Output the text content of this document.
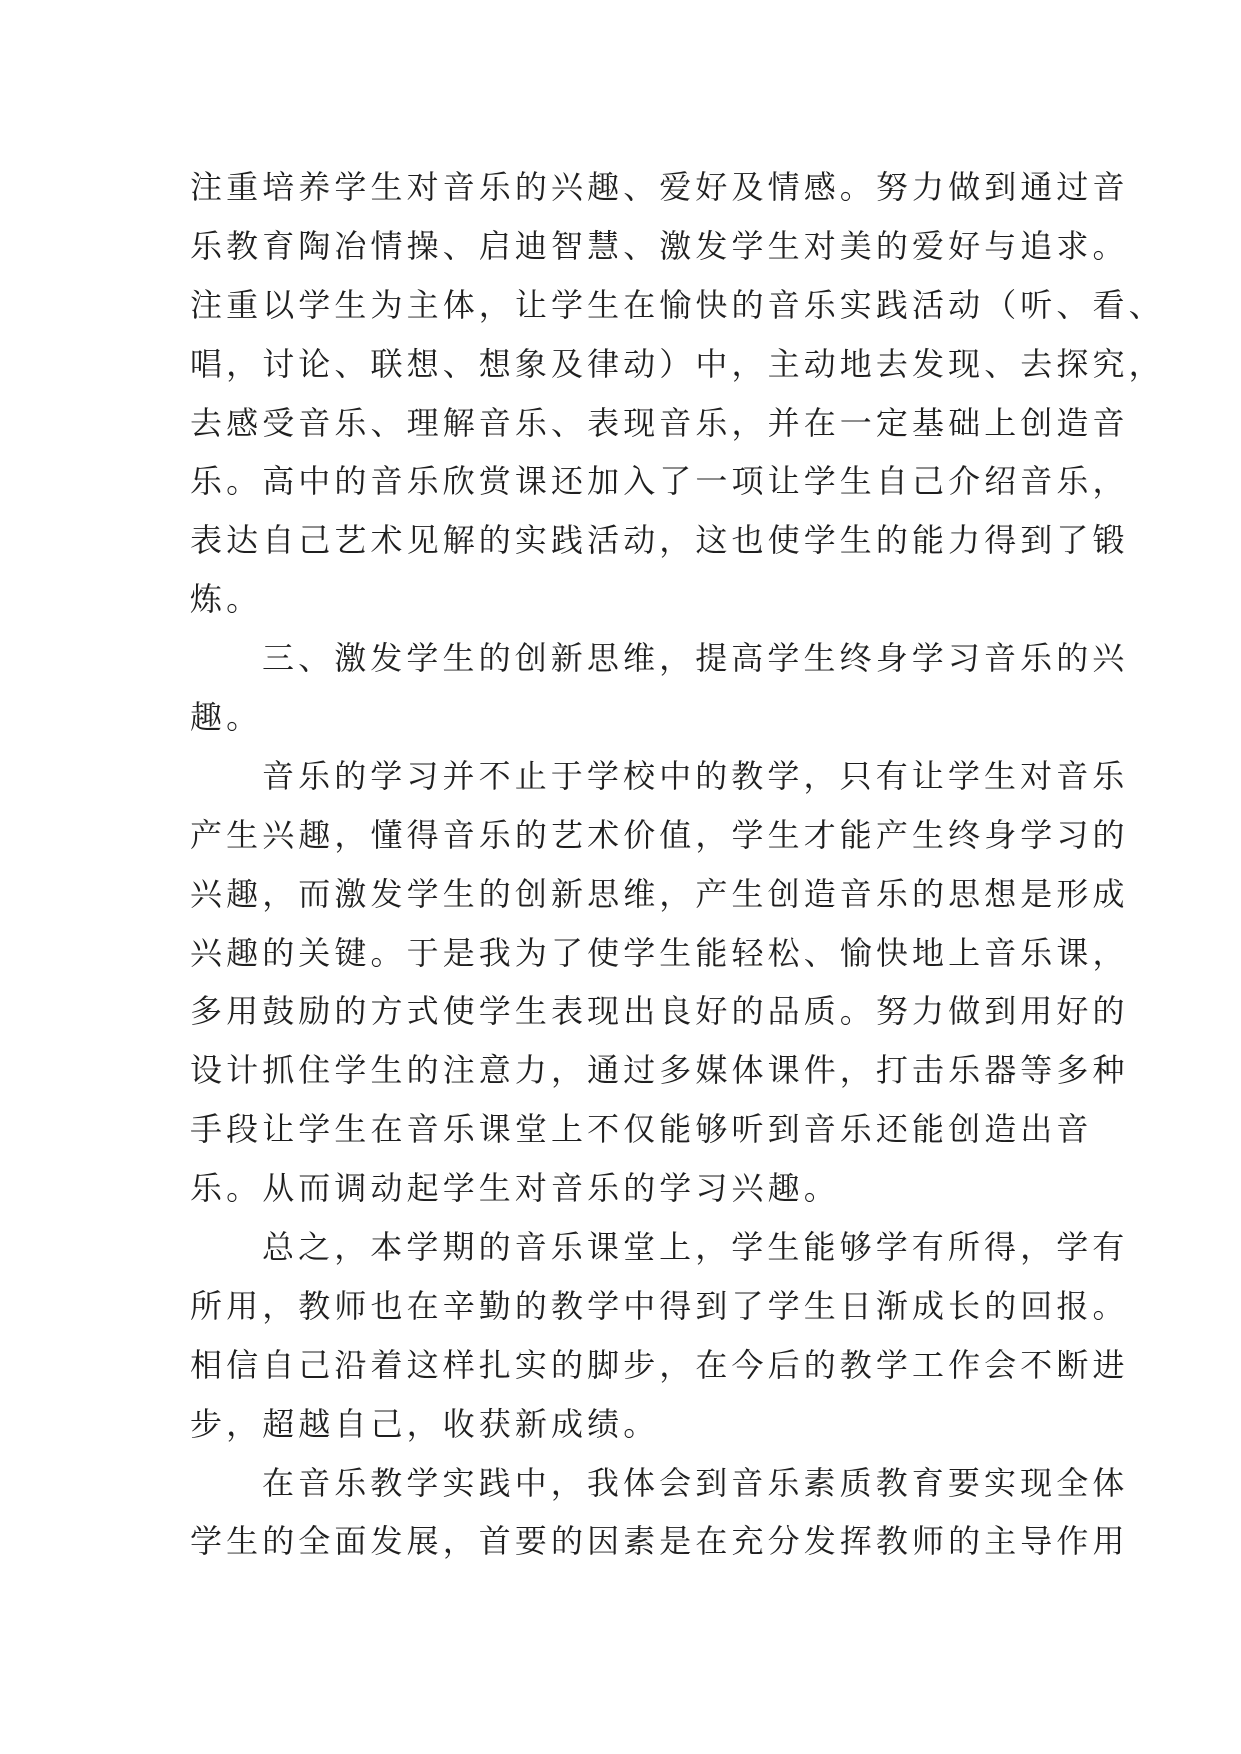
注重培养学生对音乐的兴趣、爱好及情感。努力做到通过音

乐教育陶冶情操、启迪智慧、激发学生对美的爱好与追求。

注重以学生为主体，让学生在愉快的音乐实践活动（听、看、

唱，讨论、联想、想象及律动）中，主动地去发现、去探究，

去感受音乐、理解音乐、表现音乐，并在一定基础上创造音

乐。高中的音乐欣赏课还加入了一项让学生自己介绍音乐，

表达自己艺术见解的实践活动，这也使学生的能力得到了锻

炼。

三、激发学生的创新思维，提高学生终身学习音乐的兴

趣。

音乐的学习并不止于学校中的教学，只有让学生对音乐

产生兴趣，懂得音乐的艺术价值，学生才能产生终身学习的

兴趣，而激发学生的创新思维，产生创造音乐的思想是形成

兴趣的关键。于是我为了使学生能轻松、愉快地上音乐课，

多用鼓励的方式使学生表现出良好的品质。努力做到用好的

设计抓住学生的注意力，通过多媒体课件，打击乐器等多种

手段让学生在音乐课堂上不仅能够听到音乐还能创造出音

乐。从而调动起学生对音乐的学习兴趣。

总之，本学期的音乐课堂上，学生能够学有所得，学有

所用，教师也在辛勤的教学中得到了学生日渐成长的回报。

相信自己沿着这样扎实的脚步，在今后的教学工作会不断进

步，超越自己，收获新成绩。

在音乐教学实践中，我体会到音乐素质教育要实现全体

学生的全面发展，首要的因素是在充分发挥教师的主导作用
